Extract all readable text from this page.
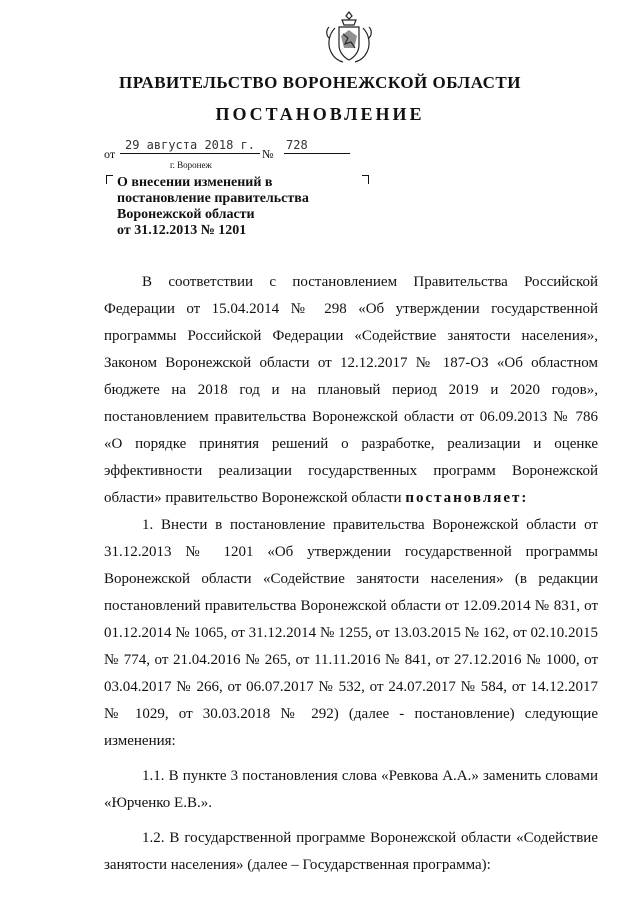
ПРАВИТЕЛЬСТВО ВОРОНЕЖСКОЙ ОБЛАСТИ
ПОСТАНОВЛЕНИЕ
от
29 августа 2018 г.
№
728
г. Воронеж
О внесении изменений в
постановление правительства
Воронежской области
от 31.12.2013 № 1201

В соответствии с постановлением Правительства Российской Федерации от 15.04.2014 № 298 «Об утверждении государственной программы Российской Федерации «Содействие занятости населения», Законом Воронежской области от 12.12.2017 № 187-ОЗ «Об областном бюджете на 2018 год и на плановый период 2019 и 2020 годов», постановлением правительства Воронежской области от 06.09.2013 № 786 «О порядке принятия решений о разработке, реализации и оценке эффективности реализации государственных программ Воронежской области» правительство Воронежской области постановляет:

1. Внести в постановление правительства Воронежской области от 31.12.2013 № 1201 «Об утверждении государственной программы Воронежской области «Содействие занятости населения» (в редакции постановлений правительства Воронежской области от 12.09.2014 № 831, от 01.12.2014 № 1065, от 31.12.2014 № 1255, от 13.03.2015 № 162, от 02.10.2015 № 774, от 21.04.2016 № 265, от 11.11.2016 № 841, от 27.12.2016 № 1000, от 03.04.2017 № 266, от 06.07.2017 № 532, от 24.07.2017 № 584, от 14.12.2017 № 1029, от 30.03.2018 № 292) (далее - постановление) следующие изменения:

1.1. В пункте 3 постановления слова «Ревкова А.А.» заменить словами «Юрченко Е.В.».

1.2. В государственной программе Воронежской области «Содействие занятости населения» (далее – Государственная программа):
